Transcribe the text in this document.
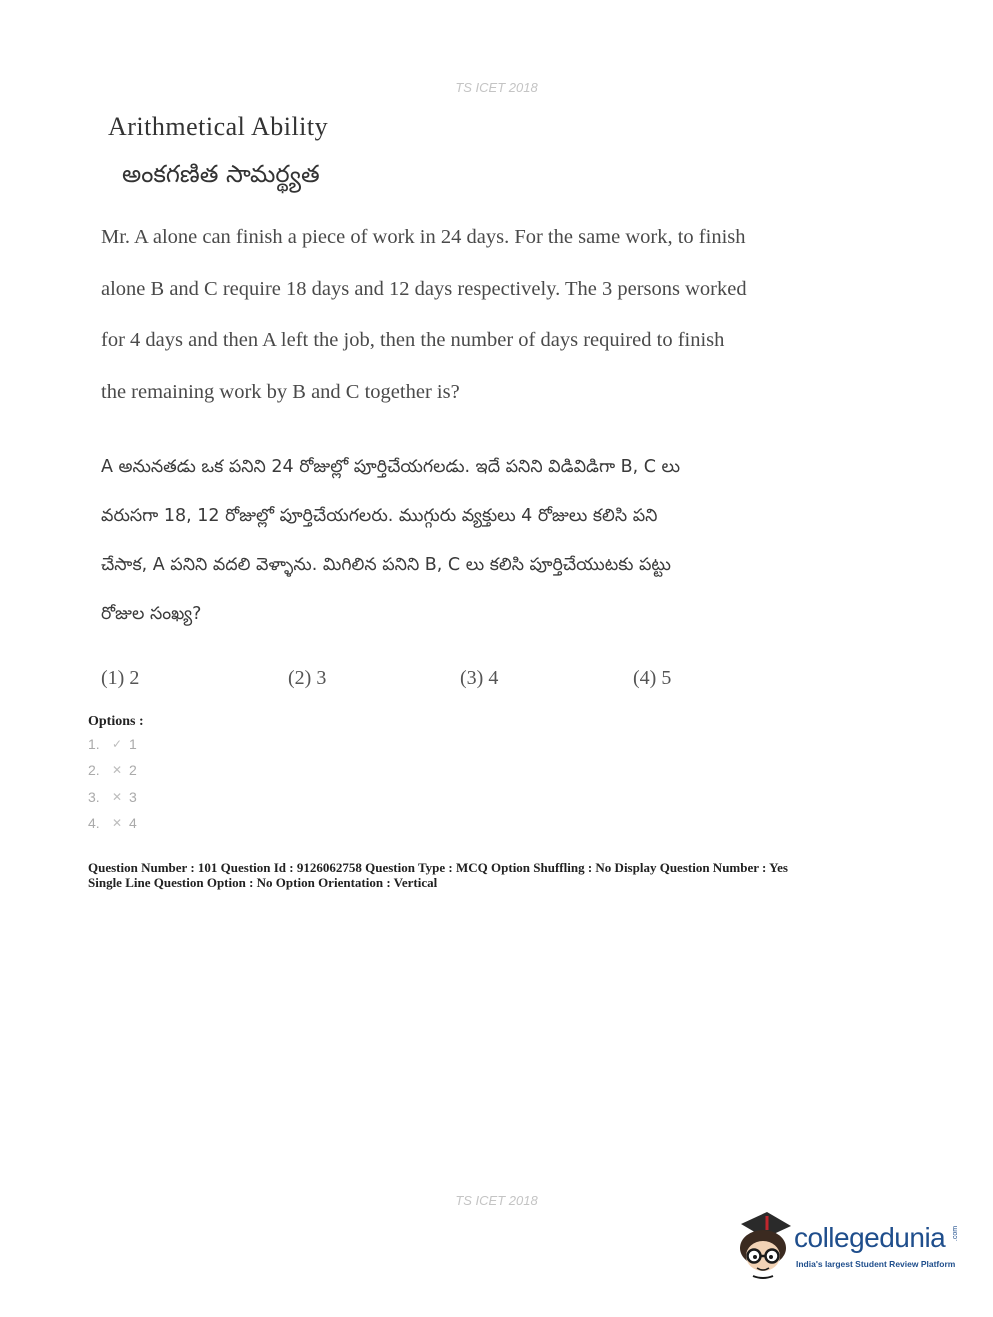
TS ICET 2018
Arithmetical Ability
అంకగణిత సామర్థ్యత
Mr. A alone can finish a piece of work in 24 days. For the same work, to finish
alone B and C require 18 days and 12 days respectively. The 3 persons worked
for 4 days and then A left the job, then the number of days required to finish
the remaining work by B and C together is?
A అనునతడు ఒక పనిని 24 రోజుల్లో పూర్తిచేయగలడు. ఇదే పనిని విడివిడిగా B, C లు
వరుసగా 18, 12 రోజుల్లో పూర్తిచేయగలరు. ముగ్గురు వ్యక్తులు 4 రోజులు కలిసి పని
చేసాక, A పనిని వదలి వెళ్ళాను. మిగిలిన పనిని B, C లు కలిసి పూర్తిచేయుటకు పట్టు
రోజుల సంఖ్య?
(1) 2	(2) 3	(3) 4	(4) 5
Options :
1. ✓ 1
2. ✕ 2
3. ✕ 3
4. ✕ 4
Question Number : 101 Question Id : 9126062758 Question Type : MCQ Option Shuffling : No Display Question Number : Yes
Single Line Question Option : No Option Orientation : Vertical
TS ICET 2018
collegedunia .com
India's largest Student Review Platform
